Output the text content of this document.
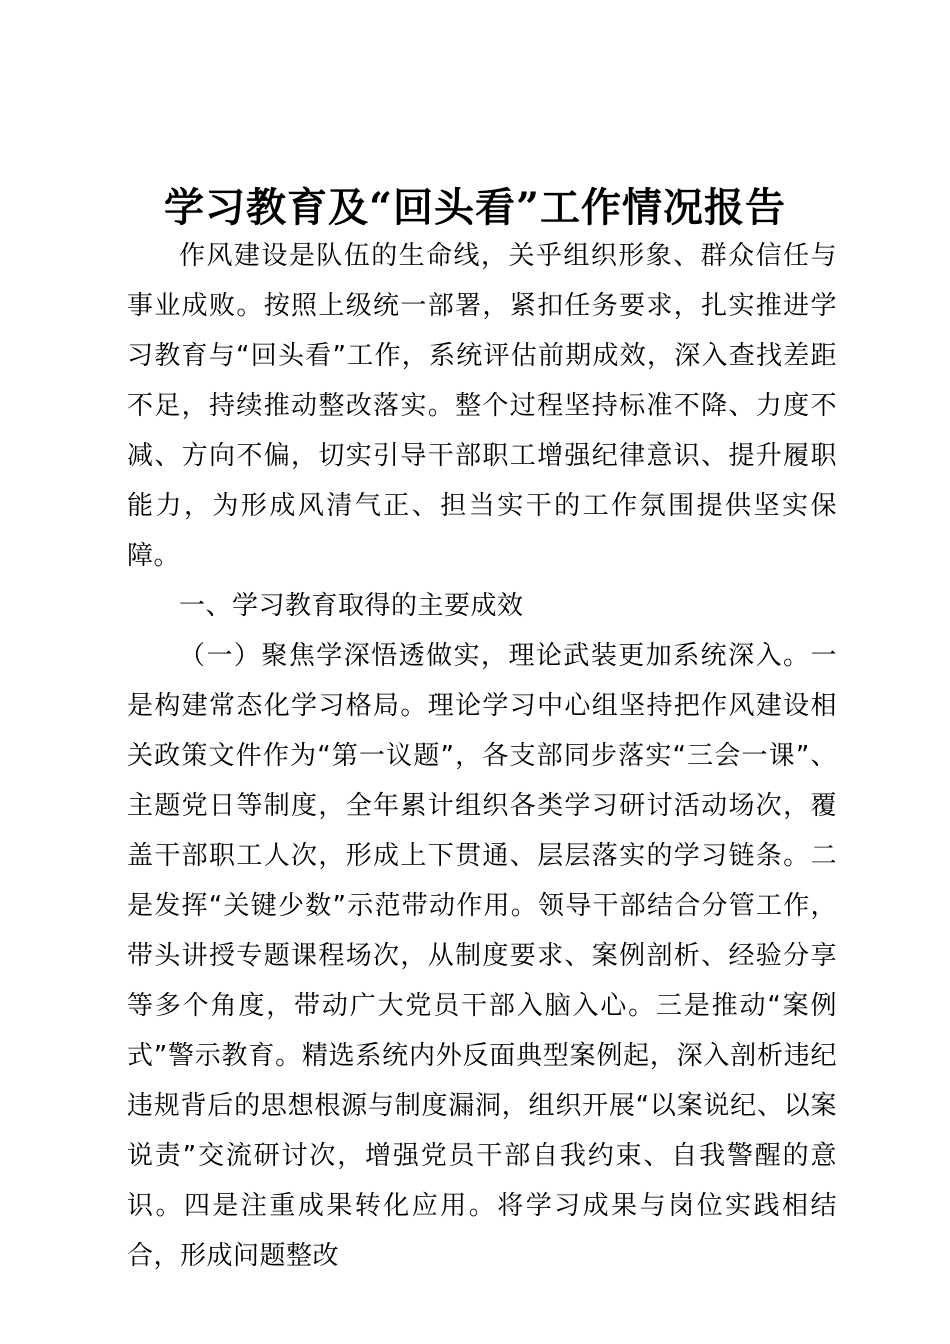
学习教育及“回头看”工作情况报告

作风建设是队伍的生命线，关乎组织形象、群众信任与事业成败。按照上级统一部署，紧扣任务要求，扎实推进学习教育与“回头看”工作，系统评估前期成效，深入查找差距不足，持续推动整改落实。整个过程坚持标准不降、力度不减、方向不偏，切实引导干部职工增强纪律意识、提升履职能力，为形成风清气正、担当实干的工作氛围提供坚实保障。

一、学习教育取得的主要成效

（一）聚焦学深悟透做实，理论武装更加系统深入。一是构建常态化学习格局。理论学习中心组坚持把作风建设相关政策文件作为“第一议题”，各支部同步落实“三会一课”、主题党日等制度，全年累计组织各类学习研讨活动场次，覆盖干部职工人次，形成上下贯通、层层落实的学习链条。二是发挥“关键少数”示范带动作用。领导干部结合分管工作，带头讲授专题课程场次，从制度要求、案例剖析、经验分享等多个角度，带动广大党员干部入脑入心。三是推动“案例式”警示教育。精选系统内外反面典型案例起，深入剖析违纪违规背后的思想根源与制度漏洞，组织开展“以案说纪、以案说责”交流研讨次，增强党员干部自我约束、自我警醒的意识。四是注重成果转化应用。将学习成果与岗位实践相结合，形成问题整改
